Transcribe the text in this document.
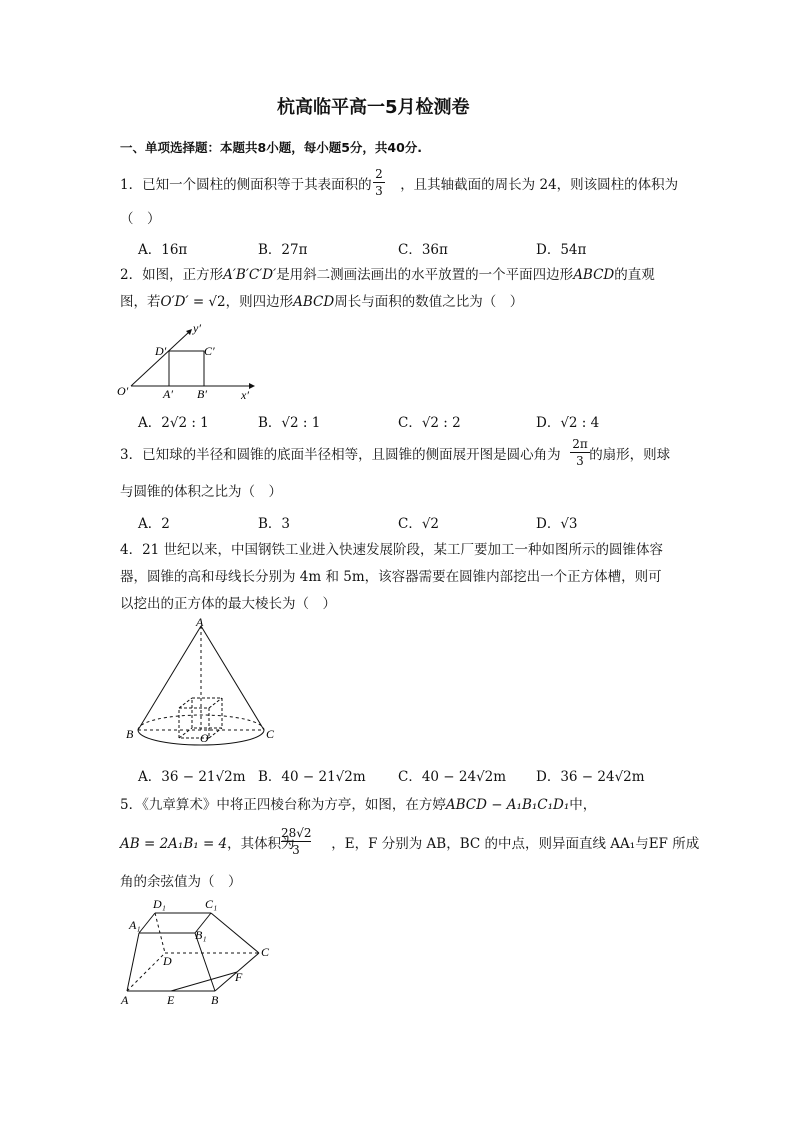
杭高临平高一5月检测卷
一、单项选择题：本题共8小题，每小题5分，共40分.
1．已知一个圆柱的侧面积等于其表面积的 ，且其轴截面的周长为 24，则该圆柱的体积为
2
3
（　）
A．16π	B．27π	C．36π	D．54π
2．如图，正方形A′B′C′D′是用斜二测画法画出的水平放置的一个平面四边形ABCD的直观
图，若O′D′ = √2，则四边形ABCD周长与面积的数值之比为（　）
y′
D′	C′
O′	A′ B′	x′
A．2√2 : 1	B．√2 : 1	C．√2 : 2	D．√2 : 4
3．已知球的半径和圆锥的底面半径相等，且圆锥的侧面展开图是圆心角为 的扇形，则球
2π
3
与圆锥的体积之比为（　）
A．2	B．3	C．√2	D．√3
4．21 世纪以来，中国钢铁工业进入快速发展阶段，某工厂要加工一种如图所示的圆锥体容
器，圆锥的高和母线长分别为 4m 和 5m，该容器需要在圆锥内部挖出一个正方体槽，则可
以挖出的正方体的最大棱长为（　）
A
B	C
O
A．36 − 21√2m B．40 − 21√2m C．40 − 24√2m D．36 − 24√2m
5．《九章算术》中将正四棱台称为方亭，如图，在方婷ABCD − A₁B₁C₁D₁中，
AB = 2A₁B₁ = 4，其体积为	，E，F 分别为 AB，BC 的中点，则异面直线 AA₁与EF 所成
28√2
3
角的余弦值为（　）
D₁	C₁
A₁
B₁
D
C
F
A	E	B
